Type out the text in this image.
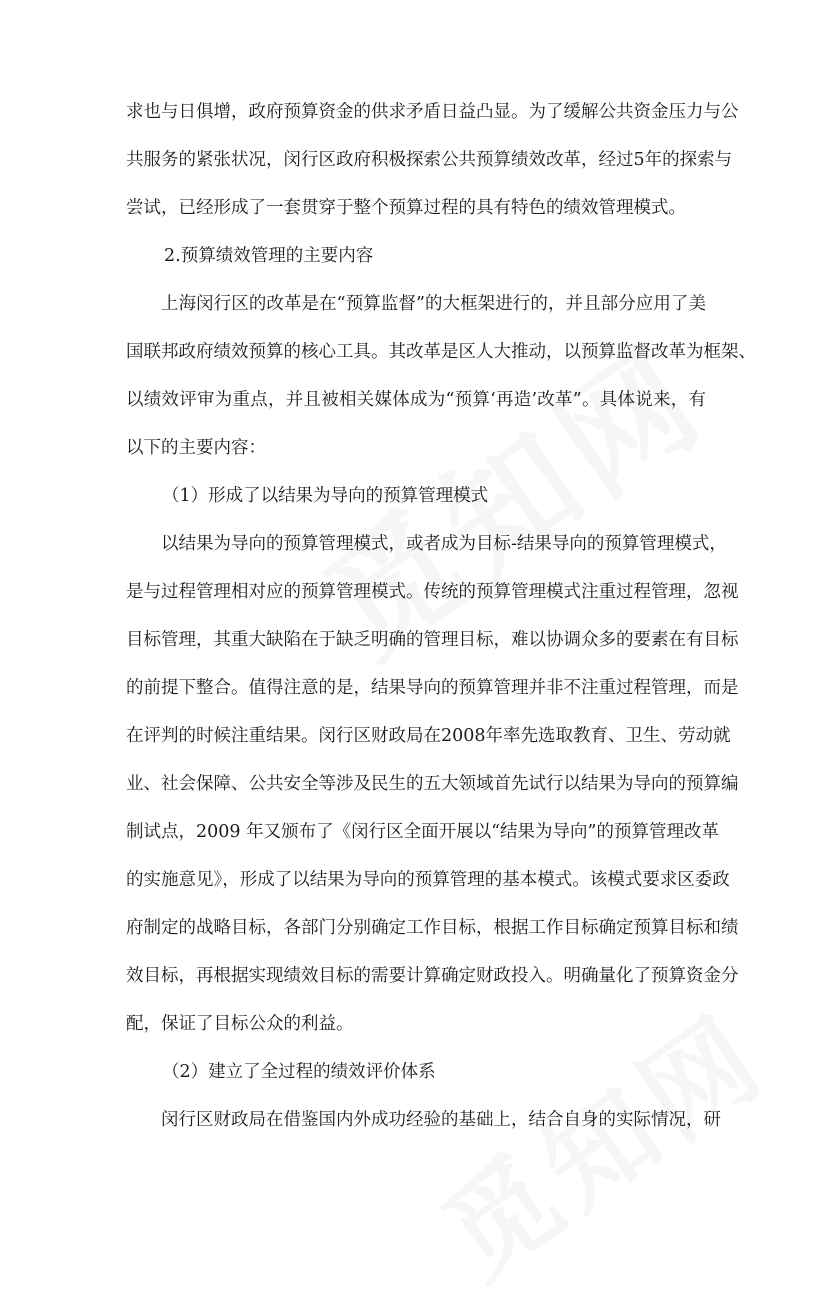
求也与日俱增，政府预算资金的供求矛盾日益凸显。为了缓解公共资金压力与公
共服务的紧张状况，闵行区政府积极探索公共预算绩效改革，经过5年的探索与
尝试，已经形成了一套贯穿于整个预算过程的具有特色的绩效管理模式。
2.预算绩效管理的主要内容
上海闵行区的改革是在“预算监督”的大框架进行的，并且部分应用了美
国联邦政府绩效预算的核心工具。其改革是区人大推动，以预算监督改革为框架、
以绩效评审为重点，并且被相关媒体成为“预算‘再造’改革”。具体说来，有
以下的主要内容：
（1）形成了以结果为导向的预算管理模式
以结果为导向的预算管理模式，或者成为目标-结果导向的预算管理模式，
是与过程管理相对应的预算管理模式。传统的预算管理模式注重过程管理，忽视
目标管理，其重大缺陷在于缺乏明确的管理目标，难以协调众多的要素在有目标
的前提下整合。值得注意的是，结果导向的预算管理并非不注重过程管理，而是
在评判的时候注重结果。闵行区财政局在2008年率先选取教育、卫生、劳动就
业、社会保障、公共安全等涉及民生的五大领域首先试行以结果为导向的预算编
制试点，2009 年又颁布了《闵行区全面开展以“结果为导向”的预算管理改革
的实施意见》，形成了以结果为导向的预算管理的基本模式。该模式要求区委政
府制定的战略目标，各部门分别确定工作目标，根据工作目标确定预算目标和绩
效目标，再根据实现绩效目标的需要计算确定财政投入。明确量化了预算资金分
配，保证了目标公众的利益。
（2）建立了全过程的绩效评价体系
闵行区财政局在借鉴国内外成功经验的基础上，结合自身的实际情况，研
